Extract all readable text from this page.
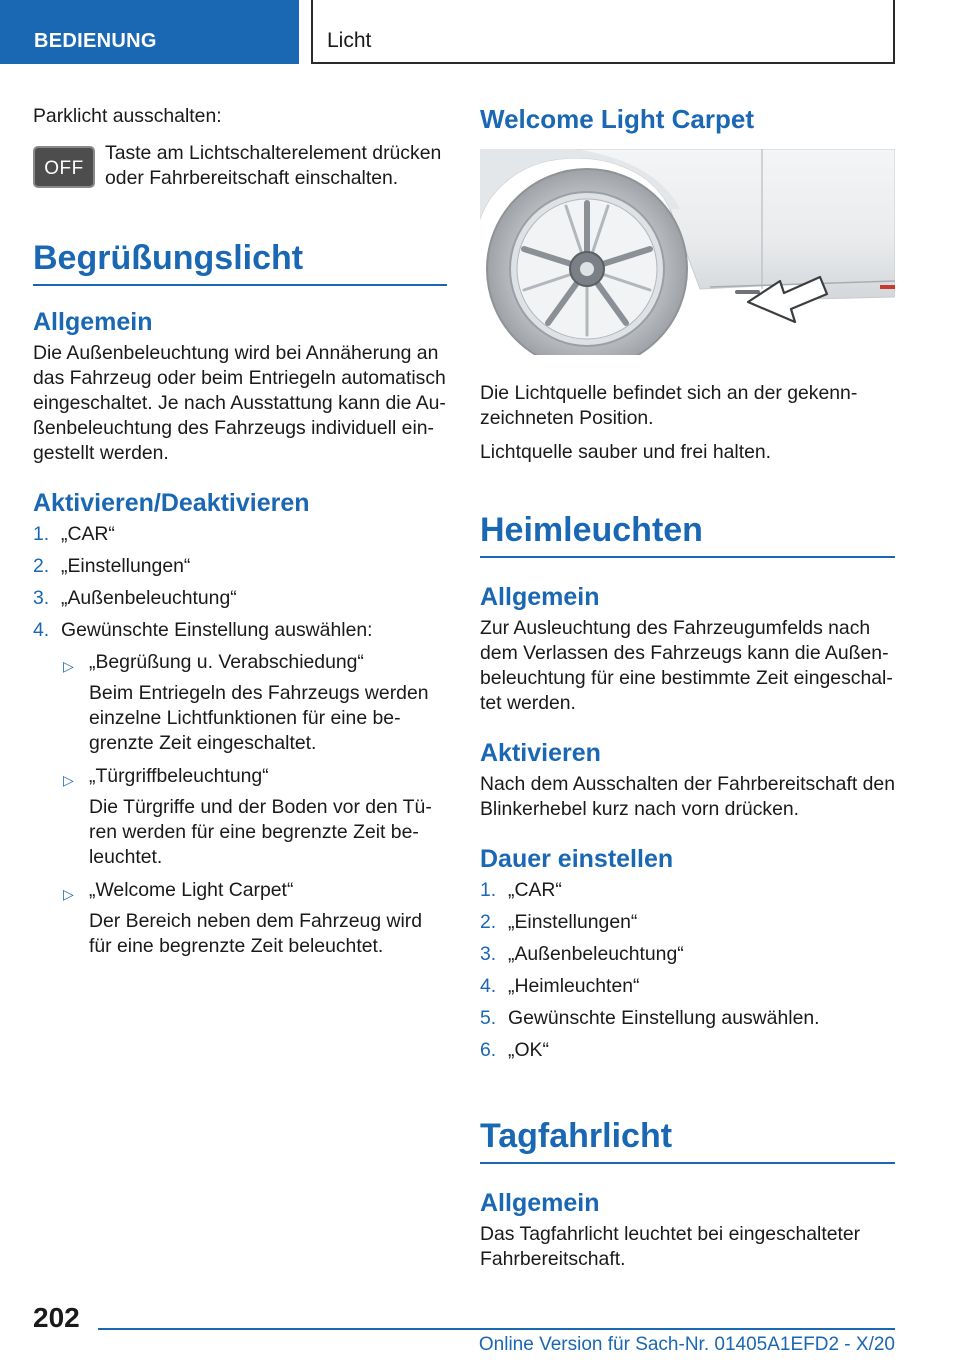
BEDIENUNG	Licht

Parklicht ausschalten:

OFF

Taste am Lichtschalterelement drücken oder Fahrbereitschaft einschalten.

Begrüßungslicht
Allgemein

Die Außenbeleuchtung wird bei Annäherung an das Fahrzeug oder beim Entriegeln automatisch eingeschaltet. Je nach Ausstattung kann die Außenbeleuchtung des Fahrzeugs individuell eingestellt werden.

Aktivieren/Deaktivieren
1. „CAR“
2. „Einstellungen“
3. „Außenbeleuchtung“
4. Gewünschte Einstellung auswählen:
▷ „Begrüßung u. Verabschiedung“
Beim Entriegeln des Fahrzeugs werden einzelne Lichtfunktionen für eine begrenzte Zeit eingeschaltet.
▷ „Türgriffbeleuchtung“
Die Türgriffe und der Boden vor den Türen werden für eine begrenzte Zeit beleuchtet.
▷ „Welcome Light Carpet“
Der Bereich neben dem Fahrzeug wird für eine begrenzte Zeit beleuchtet.
Welcome Light Carpet

Die Lichtquelle befindet sich an der gekennzeichneten Position.

Lichtquelle sauber und frei halten.

Heimleuchten
Allgemein

Zur Ausleuchtung des Fahrzeugumfelds nach dem Verlassen des Fahrzeugs kann die Außenbeleuchtung für eine bestimmte Zeit eingeschaltet werden.

Aktivieren

Nach dem Ausschalten der Fahrbereitschaft den Blinkerhebel kurz nach vorn drücken.

Dauer einstellen
1. „CAR“
2. „Einstellungen“
3. „Außenbeleuchtung“
4. „Heimleuchten“
5. Gewünschte Einstellung auswählen.
6. „OK“
Tagfahrlicht
Allgemein

Das Tagfahrlicht leuchtet bei eingeschalteter Fahrbereitschaft.

202
Online Version für Sach-Nr. 01405A1EFD2 - X/20
